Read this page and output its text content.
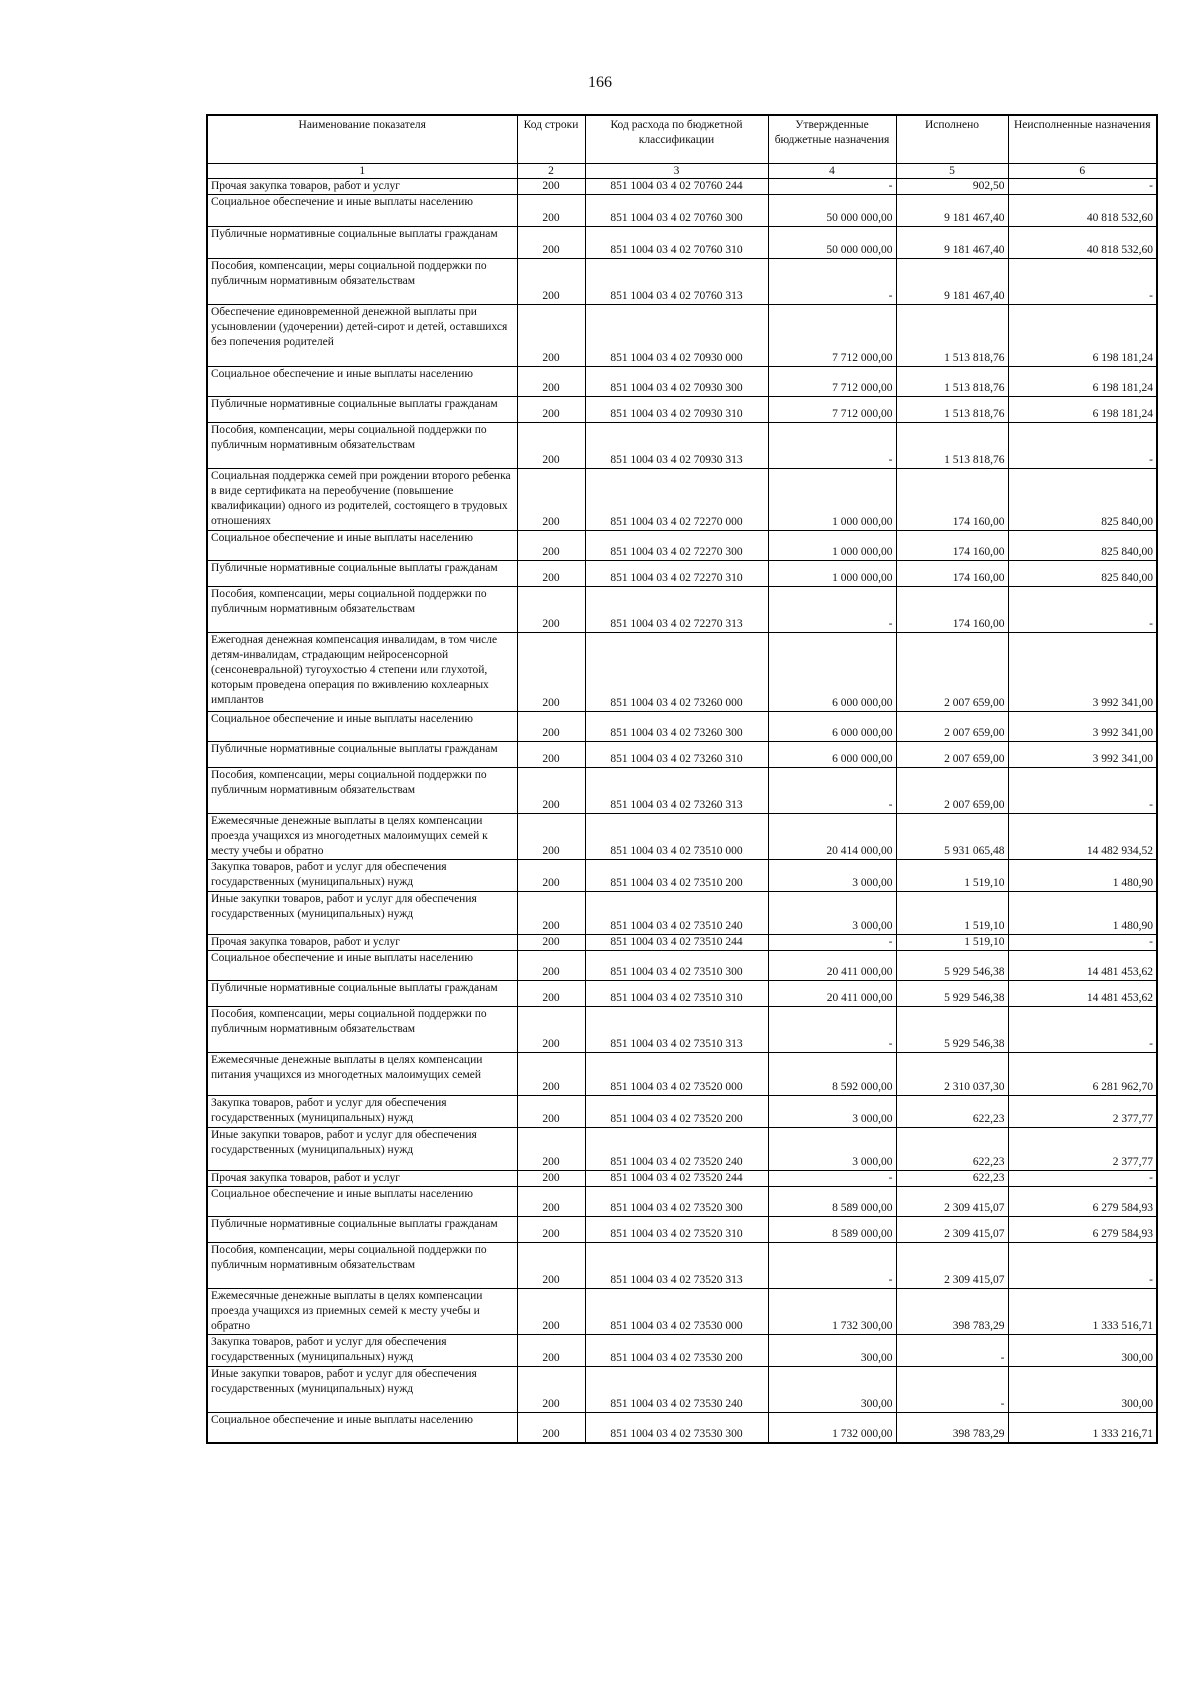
166
Наименование показателя	Код строки	Код расхода по бюджетной классификации	Утвержденные бюджетные назначения	Исполнено	Неисполненные назначения
1	2	3	4	5	6
Прочая закупка товаров, работ и услуг	200	851 1004 03 4 02 70760 244	-	902,50	-
Социальное обеспечение и иные выплаты населению	200	851 1004 03 4 02 70760 300	50 000 000,00	9 181 467,40	40 818 532,60
Публичные нормативные социальные выплаты гражданам	200	851 1004 03 4 02 70760 310	50 000 000,00	9 181 467,40	40 818 532,60
Пособия, компенсации, меры социальной поддержки по публичным нормативным обязательствам	200	851 1004 03 4 02 70760 313	-	9 181 467,40	-
Обеспечение единовременной денежной выплаты при усыновлении (удочерении) детей-сирот и детей, оставшихся без попечения родителей	200	851 1004 03 4 02 70930 000	7 712 000,00	1 513 818,76	6 198 181,24
Социальное обеспечение и иные выплаты населению	200	851 1004 03 4 02 70930 300	7 712 000,00	1 513 818,76	6 198 181,24
Публичные нормативные социальные выплаты гражданам	200	851 1004 03 4 02 70930 310	7 712 000,00	1 513 818,76	6 198 181,24
Пособия, компенсации, меры социальной поддержки по публичным нормативным обязательствам	200	851 1004 03 4 02 70930 313	-	1 513 818,76	-
Социальная поддержка семей при рождении второго ребенка в виде сертификата на переобучение (повышение квалификации) одного из родителей, состоящего в трудовых отношениях	200	851 1004 03 4 02 72270 000	1 000 000,00	174 160,00	825 840,00
Социальное обеспечение и иные выплаты населению	200	851 1004 03 4 02 72270 300	1 000 000,00	174 160,00	825 840,00
Публичные нормативные социальные выплаты гражданам	200	851 1004 03 4 02 72270 310	1 000 000,00	174 160,00	825 840,00
Пособия, компенсации, меры социальной поддержки по публичным нормативным обязательствам	200	851 1004 03 4 02 72270 313	-	174 160,00	-
Ежегодная денежная компенсация инвалидам, в том числе детям-инвалидам, страдающим нейросенсорной (сенсоневральной) тугоухостью 4 степени или глухотой, которым проведена операция по вживлению кохлеарных имплантов	200	851 1004 03 4 02 73260 000	6 000 000,00	2 007 659,00	3 992 341,00
Социальное обеспечение и иные выплаты населению	200	851 1004 03 4 02 73260 300	6 000 000,00	2 007 659,00	3 992 341,00
Публичные нормативные социальные выплаты гражданам	200	851 1004 03 4 02 73260 310	6 000 000,00	2 007 659,00	3 992 341,00
Пособия, компенсации, меры социальной поддержки по публичным нормативным обязательствам	200	851 1004 03 4 02 73260 313	-	2 007 659,00	-
Ежемесячные денежные выплаты в целях компенсации проезда учащихся из многодетных малоимущих семей к месту учебы и обратно	200	851 1004 03 4 02 73510 000	20 414 000,00	5 931 065,48	14 482 934,52
Закупка товаров, работ и услуг для обеспечения государственных (муниципальных) нужд	200	851 1004 03 4 02 73510 200	3 000,00	1 519,10	1 480,90
Иные закупки товаров, работ и услуг для обеспечения государственных (муниципальных) нужд	200	851 1004 03 4 02 73510 240	3 000,00	1 519,10	1 480,90
Прочая закупка товаров, работ и услуг	200	851 1004 03 4 02 73510 244	-	1 519,10	-
Социальное обеспечение и иные выплаты населению	200	851 1004 03 4 02 73510 300	20 411 000,00	5 929 546,38	14 481 453,62
Публичные нормативные социальные выплаты гражданам	200	851 1004 03 4 02 73510 310	20 411 000,00	5 929 546,38	14 481 453,62
Пособия, компенсации, меры социальной поддержки по публичным нормативным обязательствам	200	851 1004 03 4 02 73510 313	-	5 929 546,38	-
Ежемесячные денежные выплаты в целях компенсации питания учащихся из многодетных малоимущих семей	200	851 1004 03 4 02 73520 000	8 592 000,00	2 310 037,30	6 281 962,70
Закупка товаров, работ и услуг для обеспечения государственных (муниципальных) нужд	200	851 1004 03 4 02 73520 200	3 000,00	622,23	2 377,77
Иные закупки товаров, работ и услуг для обеспечения государственных (муниципальных) нужд	200	851 1004 03 4 02 73520 240	3 000,00	622,23	2 377,77
Прочая закупка товаров, работ и услуг	200	851 1004 03 4 02 73520 244	-	622,23	-
Социальное обеспечение и иные выплаты населению	200	851 1004 03 4 02 73520 300	8 589 000,00	2 309 415,07	6 279 584,93
Публичные нормативные социальные выплаты гражданам	200	851 1004 03 4 02 73520 310	8 589 000,00	2 309 415,07	6 279 584,93
Пособия, компенсации, меры социальной поддержки по публичным нормативным обязательствам	200	851 1004 03 4 02 73520 313	-	2 309 415,07	-
Ежемесячные денежные выплаты в целях компенсации проезда учащихся из приемных семей к месту учебы и обратно	200	851 1004 03 4 02 73530 000	1 732 300,00	398 783,29	1 333 516,71
Закупка товаров, работ и услуг для обеспечения государственных (муниципальных) нужд	200	851 1004 03 4 02 73530 200	300,00	-	300,00
Иные закупки товаров, работ и услуг для обеспечения государственных (муниципальных) нужд	200	851 1004 03 4 02 73530 240	300,00	-	300,00
Социальное обеспечение и иные выплаты населению	200	851 1004 03 4 02 73530 300	1 732 000,00	398 783,29	1 333 216,71
